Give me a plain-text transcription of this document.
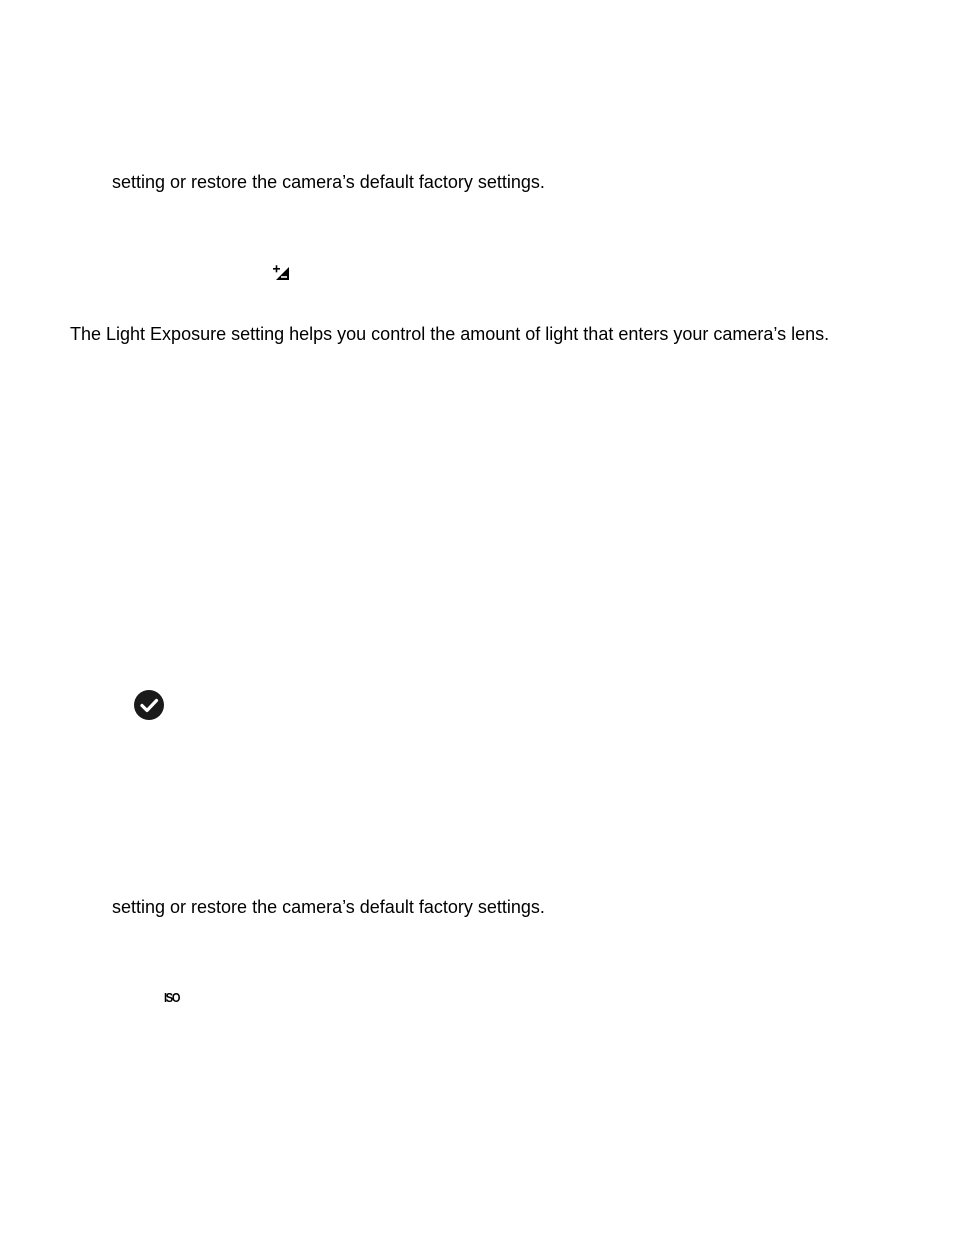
setting or restore the camera’s default factory settings.

The Light Exposure setting helps you control the amount of light that enters your camera’s lens.

setting or restore the camera’s default factory settings.

ISO
